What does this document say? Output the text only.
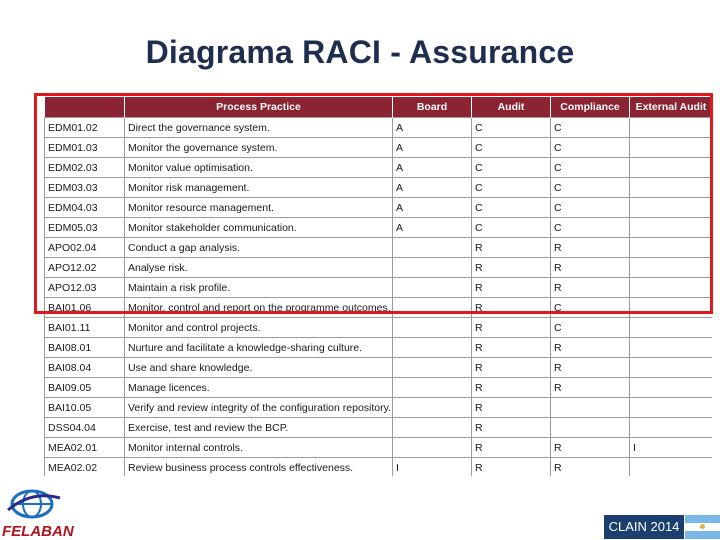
Diagrama RACI - Assurance
	Process Practice	Board	Audit	Compliance	External Audit
EDM01.02	Direct the governance system.	A	C	C	
EDM01.03	Monitor the governance system.	A	C	C	
EDM02.03	Monitor value optimisation.	A	C	C	
EDM03.03	Monitor risk management.	A	C	C	
EDM04.03	Monitor resource management.	A	C	C	
EDM05.03	Monitor stakeholder communication.	A	C	C	
APO02.04	Conduct a gap analysis.		R	R	
APO12.02	Analyse risk.		R	R	
APO12.03	Maintain a risk profile.		R	R	
BAI01.06	Monitor, control and report on the programme outcomes.		R	C	
BAI01.11	Monitor and control projects.		R	C	
BAI08.01	Nurture and facilitate a knowledge-sharing culture.		R	R	
BAI08.04	Use and share knowledge.		R	R	
BAI09.05	Manage licences.		R	R	
BAI10.05	Verify and review integrity of the configuration repository.		R		
DSS04.04	Exercise, test and review the BCP.		R		
MEA02.01	Monitor internal controls.		R	R	I
MEA02.02	Review business process controls effectiveness.	I	R	R	
FELABAN	CLAIN 2014
